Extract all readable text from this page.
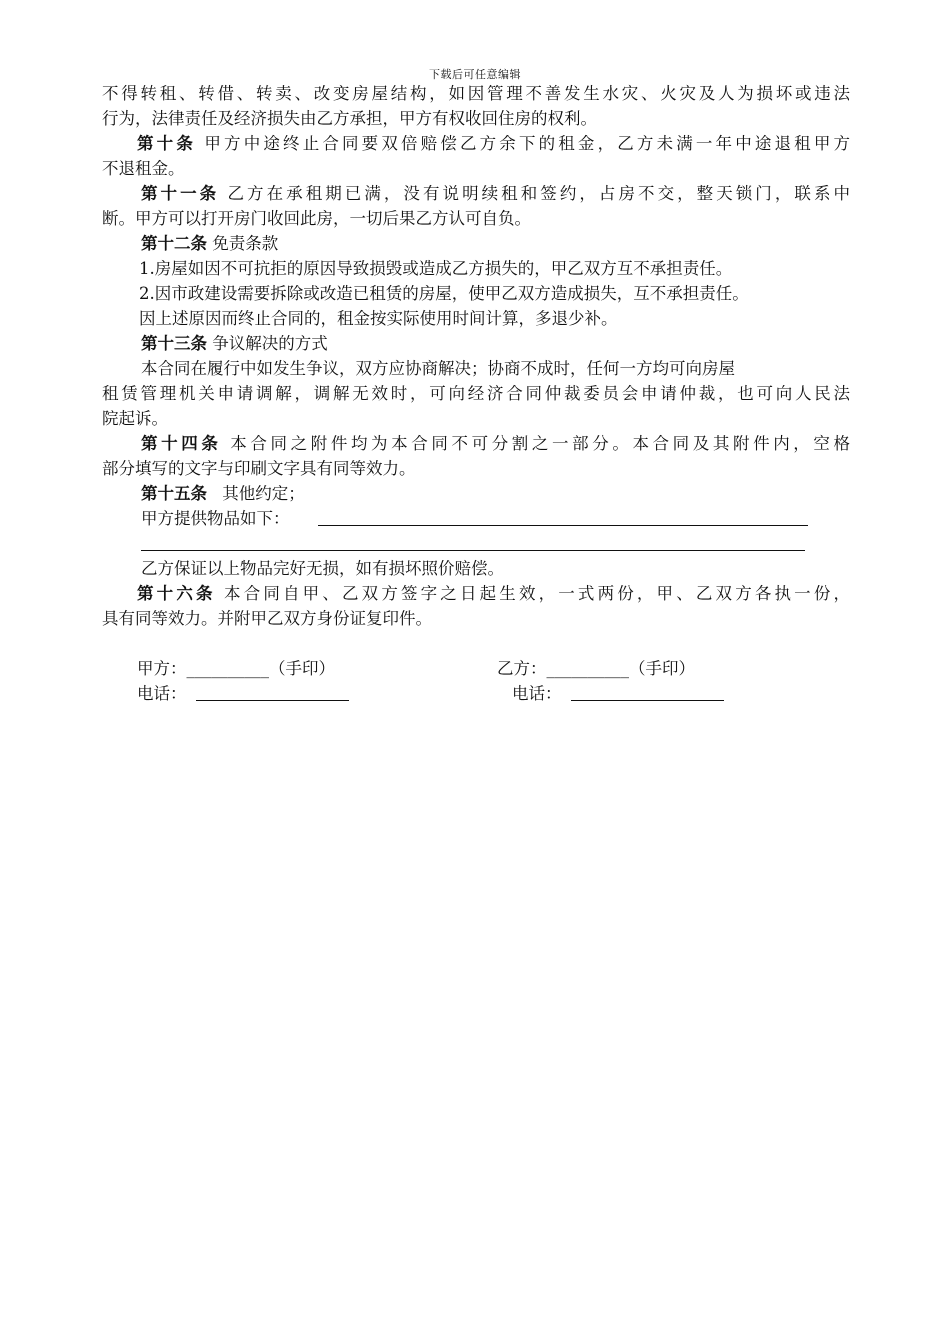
下载后可任意编辑
不得转租、转借、转卖、改变房屋结构，如因管理不善发生水灾、火灾及人为损坏或违法
行为，法律责任及经济损失由乙方承担，甲方有权收回住房的权利。
第十条 甲方中途终止合同要双倍赔偿乙方余下的租金，乙方未满一年中途退租甲方
不退租金。
第十一条 乙方在承租期已满，没有说明续租和签约，占房不交，整天锁门，联系中
断。甲方可以打开房门收回此房，一切后果乙方认可自负。
第十二条 免责条款
1.房屋如因不可抗拒的原因导致损毁或造成乙方损失的，甲乙双方互不承担责任。
2.因市政建设需要拆除或改造已租赁的房屋，使甲乙双方造成损失，互不承担责任。
因上述原因而终止合同的，租金按实际使用时间计算，多退少补。
第十三条 争议解决的方式
本合同在履行中如发生争议，双方应协商解决；协商不成时，任何一方均可向房屋
租赁管理机关申请调解，调解无效时，可向经济合同仲裁委员会申请仲裁，也可向人民法
院起诉。
第十四条 本合同之附件均为本合同不可分割之一部分。本合同及其附件内，空格
部分填写的文字与印刷文字具有同等效力。
第十五条 其他约定；
甲方提供物品如下：
乙方保证以上物品完好无损，如有损坏照价赔偿。
第十六条 本合同自甲、乙双方签字之日起生效，一式两份，甲、乙双方各执一份，
具有同等效力。并附甲乙双方身份证复印件。
甲方：__________（手印）	乙方：__________（手印）
电话：	电话：
